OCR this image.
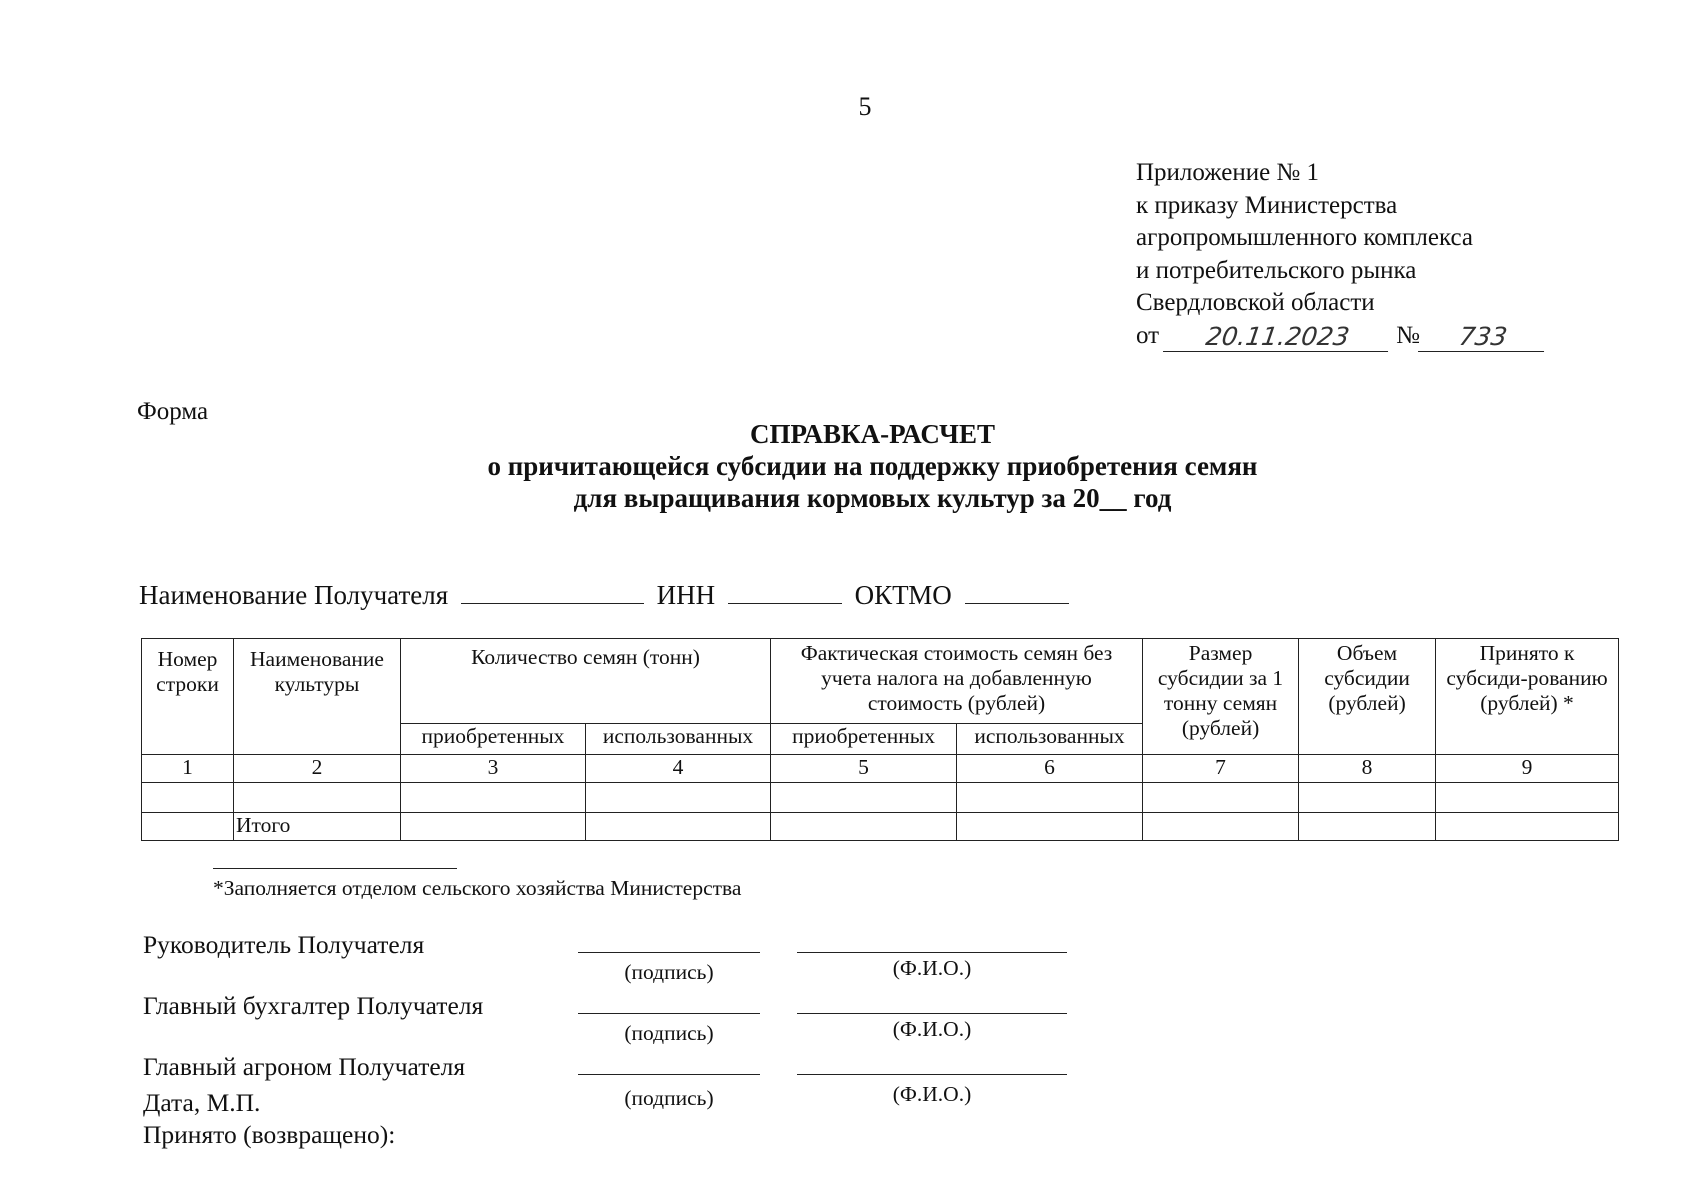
5
Приложение № 1
к приказу Министерства
агропромышленного комплекса
и потребительского рынка
Свердловской области
от	20.11.2023	№	733
Форма
СПРАВКА-РАСЧЕТ
о причитающейся субсидии на поддержку приобретения семян
для выращивания кормовых культур за 20__ год
Наименование Получателя	ИНН	ОКТМО
Номер строки	Наименование культуры	Количество семян (тонн)		Фактическая стоимость семян без учета налога на добавленную стоимость (рублей)		Размер субсидии за 1 тонну семян (рублей)	Объем субсидии (рублей)	Принято к субсиди-рованию (рублей) *
		приобретенных	использованных	приобретенных	использованных			
1	2	3	4	5	6	7	8	9

	Итого							
*Заполняется отделом сельского хозяйства Министерства
Руководитель Получателя
(подпись)	(Ф.И.О.)
Главный бухгалтер Получателя
(подпись)	(Ф.И.О.)
Главный агроном Получателя
(подпись)	(Ф.И.О.)
Дата, М.П.
Принято (возвращено):
